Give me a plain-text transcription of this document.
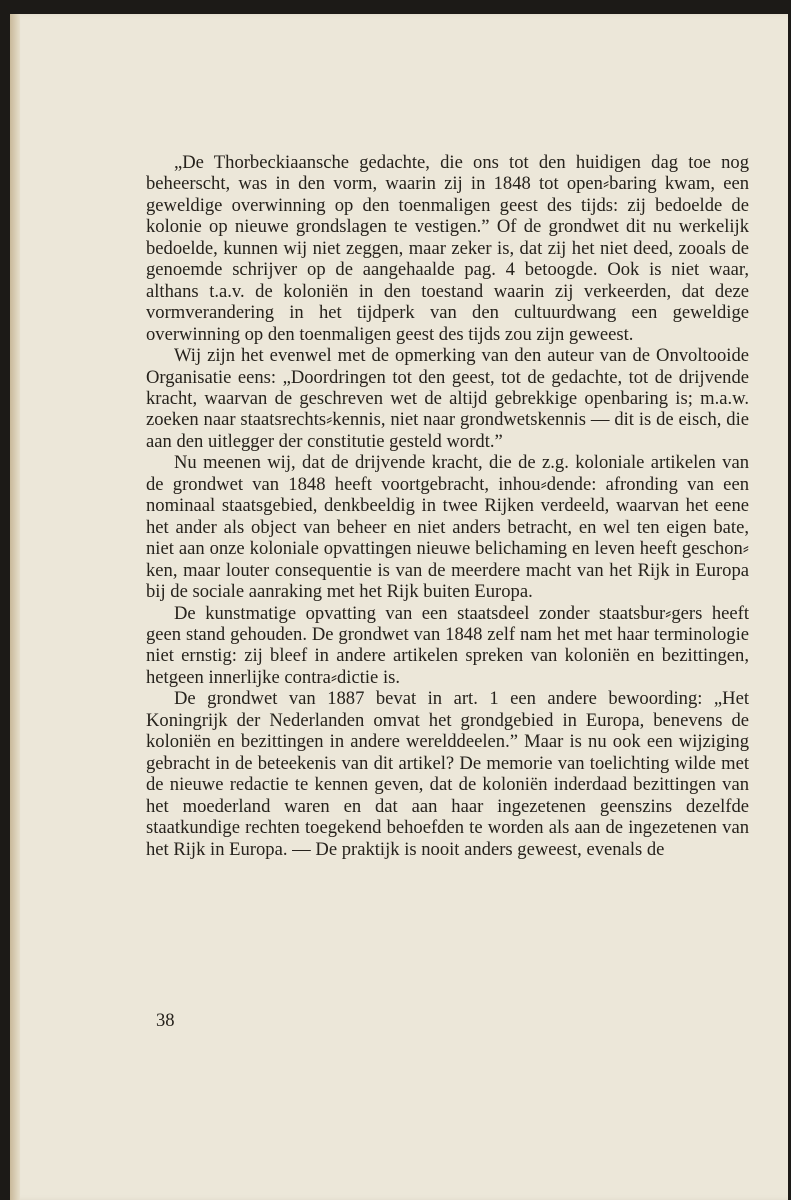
„De Thorbeckiaansche gedachte, die ons tot den huidigen dag toe nog beheerscht, was in den vorm, waarin zij in 1848 tot open⸗baring kwam, een geweldige overwinning op den toenmaligen geest des tijds: zij bedoelde de kolonie op nieuwe grondslagen te vestigen.” Of de grondwet dit nu werkelijk bedoelde, kunnen wij niet zeggen, maar zeker is, dat zij het niet deed, zooals de genoemde schrijver op de aangehaalde pag. 4 betoogde. Ook is niet waar, althans t.a.v. de koloniën in den toestand waarin zij verkeerden, dat deze vormverandering in het tijdperk van den cultuurdwang een geweldige overwinning op den toenmaligen geest des tijds zou zijn geweest.

Wij zijn het evenwel met de opmerking van den auteur van de Onvoltooide Organisatie eens: „Doordringen tot den geest, tot de gedachte, tot de drijvende kracht, waarvan de geschreven wet de altijd gebrekkige openbaring is; m.a.w. zoeken naar staatsrechts⸗kennis, niet naar grondwetskennis — dit is de eisch, die aan den uitlegger der constitutie gesteld wordt.”

Nu meenen wij, dat de drijvende kracht, die de z.g. koloniale artikelen van de grondwet van 1848 heeft voortgebracht, inhou⸗dende: afronding van een nominaal staatsgebied, denkbeeldig in twee Rijken verdeeld, waarvan het eene het ander als object van beheer en niet anders betracht, en wel ten eigen bate, niet aan onze koloniale opvattingen nieuwe belichaming en leven heeft geschon⸗ken, maar louter consequentie is van de meerdere macht van het Rijk in Europa bij de sociale aanraking met het Rijk buiten Europa.

De kunstmatige opvatting van een staatsdeel zonder staatsbur⸗gers heeft geen stand gehouden. De grondwet van 1848 zelf nam het met haar terminologie niet ernstig: zij bleef in andere artikelen spreken van koloniën en bezittingen, hetgeen innerlijke contra⸗dictie is.

De grondwet van 1887 bevat in art. 1 een andere bewoording: „Het Koningrijk der Nederlanden omvat het grondgebied in Europa, benevens de koloniën en bezittingen in andere werelddeelen.” Maar is nu ook een wijziging gebracht in de beteekenis van dit artikel? De memorie van toelichting wilde met de nieuwe redactie te kennen geven, dat de koloniën inderdaad bezittingen van het moederland waren en dat aan haar ingezetenen geenszins dezelfde staatkundige rechten toegekend behoefden te worden als aan de ingezetenen van het Rijk in Europa. — De praktijk is nooit anders geweest, evenals de

38
